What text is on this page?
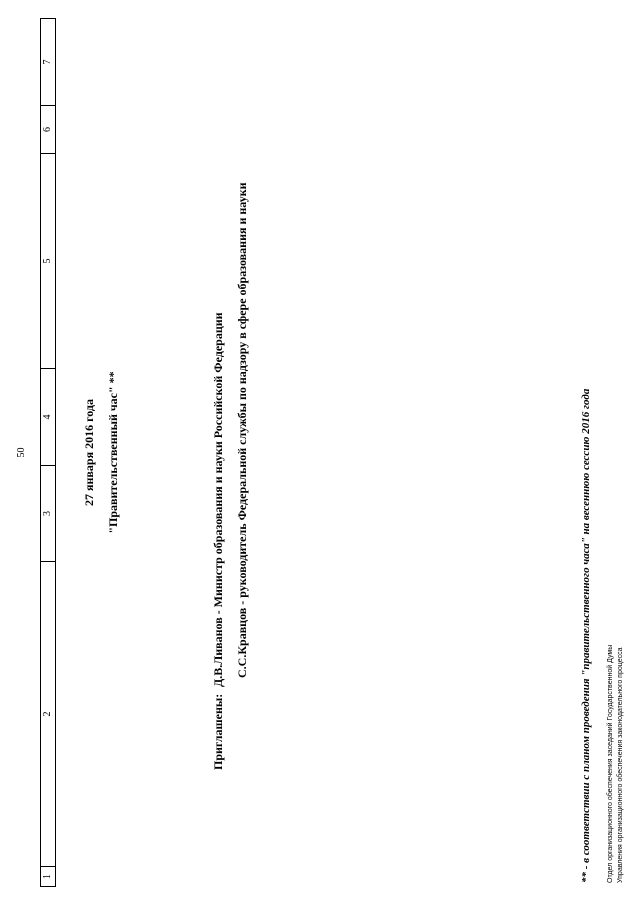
50
1
2
3
4
5
6
7
27 января 2016 года "Правительственный час" **
Приглашены:
Д.В.Ливанов - Министр образования и науки Российской Федерации С.С.Кравцов - руководитель Федеральной службы по надзору в сфере образования и науки	** - в соответствии с планом проведения "правительственного часа" на весеннюю сессию 2016 года Отдел организационного обеспечения заседаний Государственной Думы Управления организационного обеспечения законодательного процесса
